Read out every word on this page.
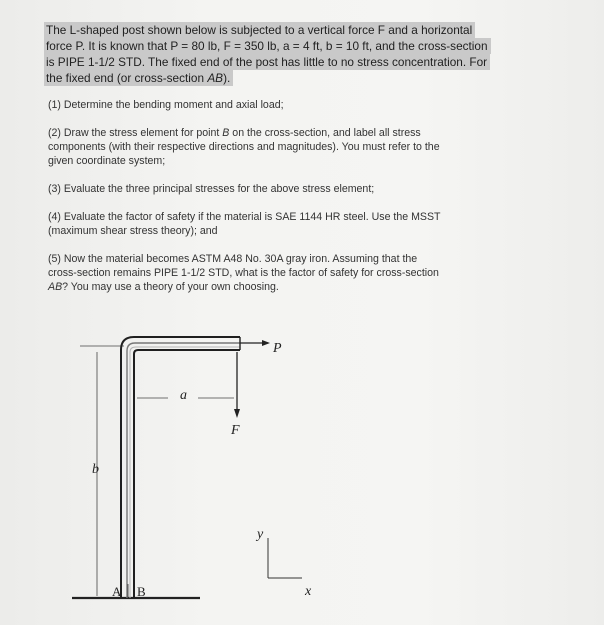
The L-shaped post shown below is subjected to a vertical force F and a horizontal
force P. It is known that P = 80 lb, F = 350 lb, a = 4 ft, b = 10 ft, and the cross-section
is PIPE 1-1/2 STD. The fixed end of the post has little to no stress concentration. For
the fixed end (or cross-section AB).
(1) Determine the bending moment and axial load;
(2) Draw the stress element for point B on the cross-section, and label all stress
components (with their respective directions and magnitudes). You must refer to the
given coordinate system;
(3) Evaluate the three principal stresses for the above stress element;
(4) Evaluate the factor of safety if the material is SAE 1144 HR steel. Use the MSST
(maximum shear stress theory); and
(5) Now the material becomes ASTM A48 No. 30A gray iron. Assuming that the
cross-section remains PIPE 1-1/2 STD, what is the factor of safety for cross-section
AB? You may use a theory of your own choosing.
P
a
F
b
y
x
A B
